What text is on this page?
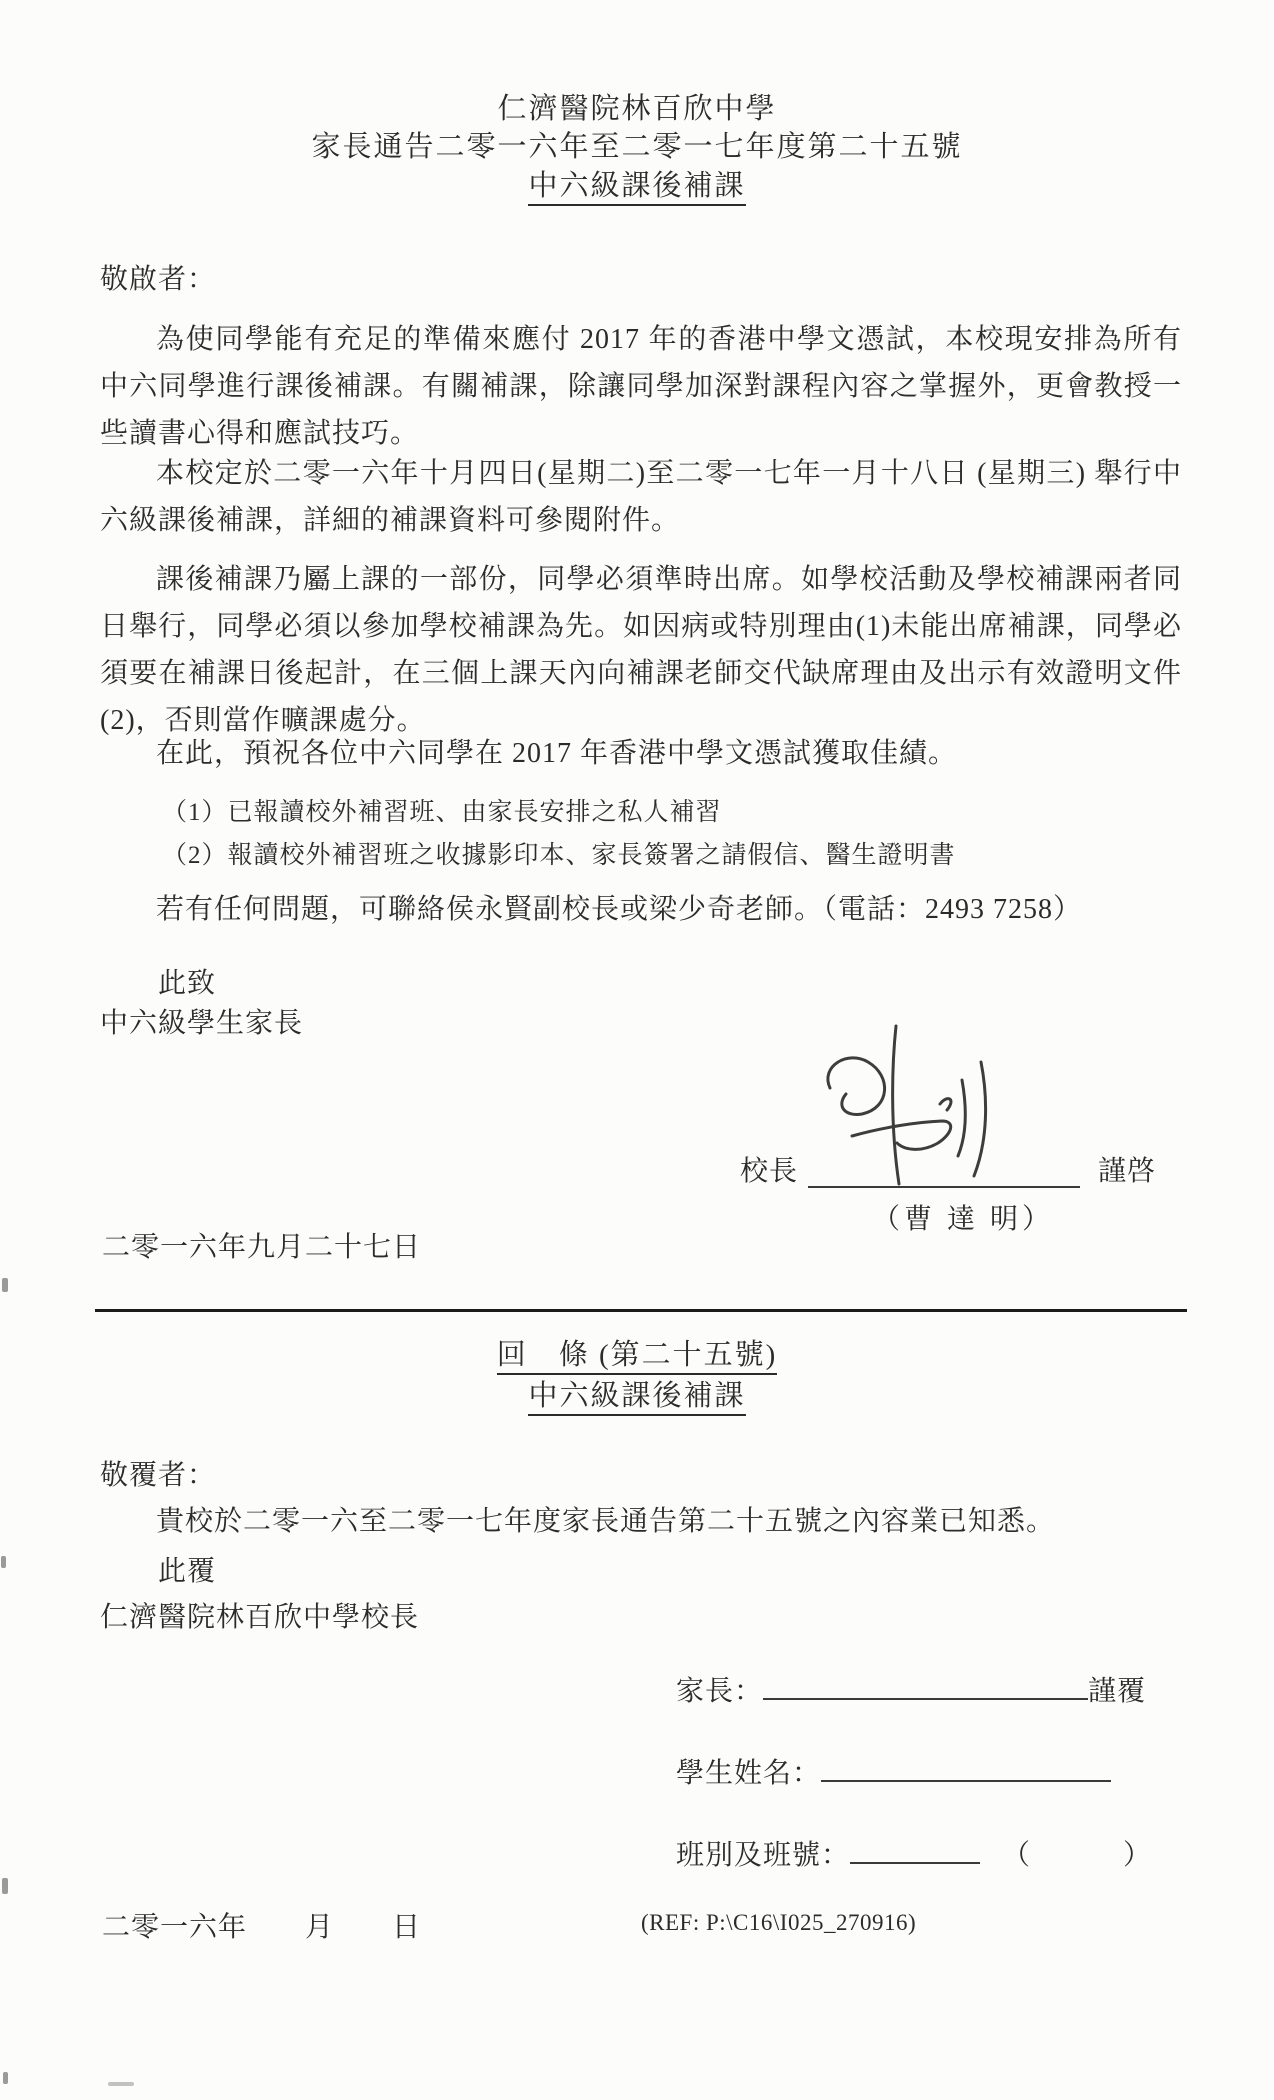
仁濟醫院林百欣中學
家長通告二零一六年至二零一七年度第二十五號
中六級課後補課
敬啟者：
為使同學能有充足的準備來應付 2017 年的香港中學文憑試，本校現安排為所有中六同學進行課後補課。有關補課，除讓同學加深對課程內容之掌握外，更會教授一些讀書心得和應試技巧。
本校定於二零一六年十月四日(星期二)至二零一七年一月十八日 (星期三) 舉行中六級課後補課，詳細的補課資料可參閱附件。
課後補課乃屬上課的一部份，同學必須準時出席。如學校活動及學校補課兩者同日舉行，同學必須以參加學校補課為先。如因病或特別理由(1)未能出席補課，同學必須要在補課日後起計，在三個上課天內向補課老師交代缺席理由及出示有效證明文件(2)，否則當作曠課處分。
在此，預祝各位中六同學在 2017 年香港中學文憑試獲取佳績。
（1）已報讀校外補習班、由家長安排之私人補習
（2）報讀校外補習班之收據影印本、家長簽署之請假信、醫生證明書
若有任何問題，可聯絡侯永賢副校長或梁少奇老師。（電話：2493 7258）
此致
中六級學生家長
校長	謹啓
（曹 達 明）
二零一六年九月二十七日
回　條 (第二十五號)
中六級課後補課
敬覆者：
貴校於二零一六至二零一七年度家長通告第二十五號之內容業已知悉。
此覆
仁濟醫院林百欣中學校長
家長：	謹覆
學生姓名：
班別及班號：	（	）
二零一六年　　月　　日	(REF: P:\C16\I025_270916)
